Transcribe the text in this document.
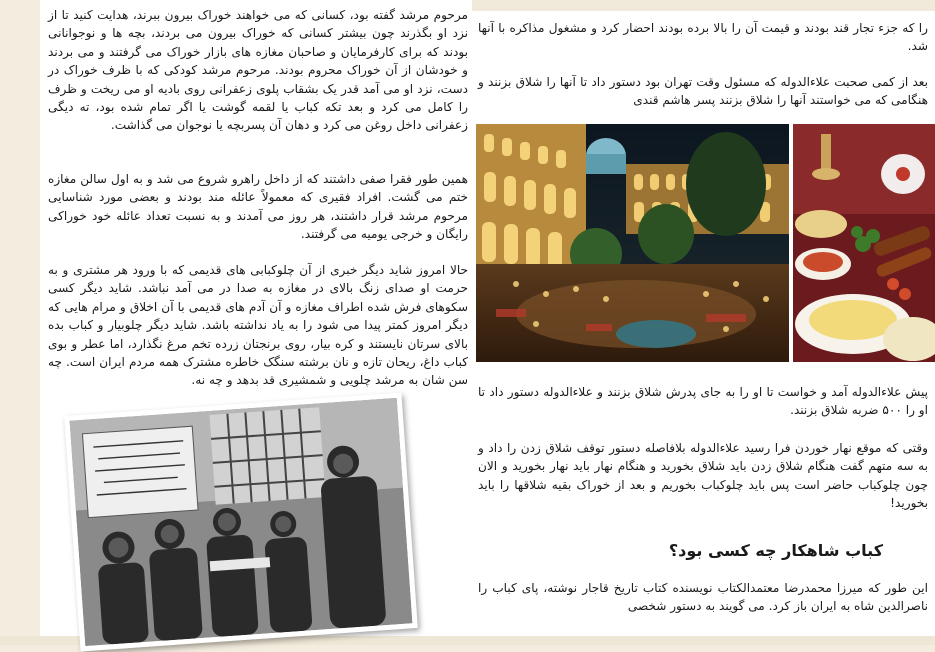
مرحوم مرشد گفته بود، کسانی که می خواهند خوراک بیرون ببرند، هدایت کنید تا از نزد او بگذرند چون بیشتر کسانی که خوراک بیرون می بردند، بچه ها و نوجوانانی بودند که برای کارفرمایان و صاحبان مغازه های بازار خوراک می گرفتند و می بردند و خودشان از آن خوراک محروم بودند. مرحوم مرشد کودکی که با ظرف خوراک در دست، نزد او می آمد قدر یک بشقاب پلوی زعفرانی روی بادیه او می ریخت و ظرف را کامل می کرد و بعد تکه کباب یا لقمه گوشت یا اگر تمام شده بود، ته دیگی زعفرانی داخل روغن می کرد و دهان آن پسربچه یا نوجوان می گذاشت.

همین طور فقرا صفی داشتند که از داخل راهرو شروع می شد و به اول سالن مغازه ختم می گشت. افراد فقیری که معمولاً عائله مند بودند و بعضی مورد شناسایی مرحوم مرشد قرار داشتند، هر روز می آمدند و به نسبت تعداد عائله خود خوراکی رایگان و خرجی یومیه می گرفتند.

حالا امروز شاید دیگر خبری از آن چلوکبابی های قدیمی که با ورود هر مشتری و به حرمت او صدای زنگ بالای در مغازه به صدا در می آمد نباشد. شاید دیگر کسی سکوهای فرش شده اطراف مغازه و آن آدم های قدیمی با آن اخلاق و مرام هایی که دیگر امروز کمتر پیدا می شود را به یاد نداشته باشد. شاید دیگر چلوبیار و کباب بده بالای سرتان نایستند و کره بیار، روی برنجتان زرده تخم مرغ نگذارد، اما عطر و بوی کباب داغ، ریحان تازه و نان برشته سنگک خاطره مشترک همه مردم ایران است. چه سن شان به مرشد چلویی و شمشیری قد بدهد و چه نه.

را که جزء تجار قند بودند و قیمت آن را بالا برده بودند احضار کرد و مشغول مذاکره با آنها شد.

بعد از کمی صحبت علاءالدوله که مسئول وقت تهران بود دستور داد تا آنها را شلاق بزنند و هنگامی که می خواستند آنها را شلاق بزنند پسر هاشم قندی

پیش علاءالدوله آمد و خواست تا او را به جای پدرش شلاق بزنند و علاءالدوله دستور داد تا او را ۵۰۰ ضربه شلاق بزنند.

وقتی که موقع نهار خوردن فرا رسید علاءالدوله بلافاصله دستور توقف شلاق زدن را داد و به سه متهم گفت هنگام شلاق زدن باید شلاق بخورید و هنگام نهار باید نهار بخورید و الان چون چلوکباب حاضر است پس باید چلوکباب بخوریم و بعد از خوراک بقیه شلاقها را باید بخورید!

کباب شاهکار چه کسی بود؟

این طور که میرزا محمدرضا معتمدالکتاب نویسنده کتاب تاریخ قاجار نوشته، پای کباب را ناصرالدین شاه به ایران باز کرد. می گویند به دستور شخصی
